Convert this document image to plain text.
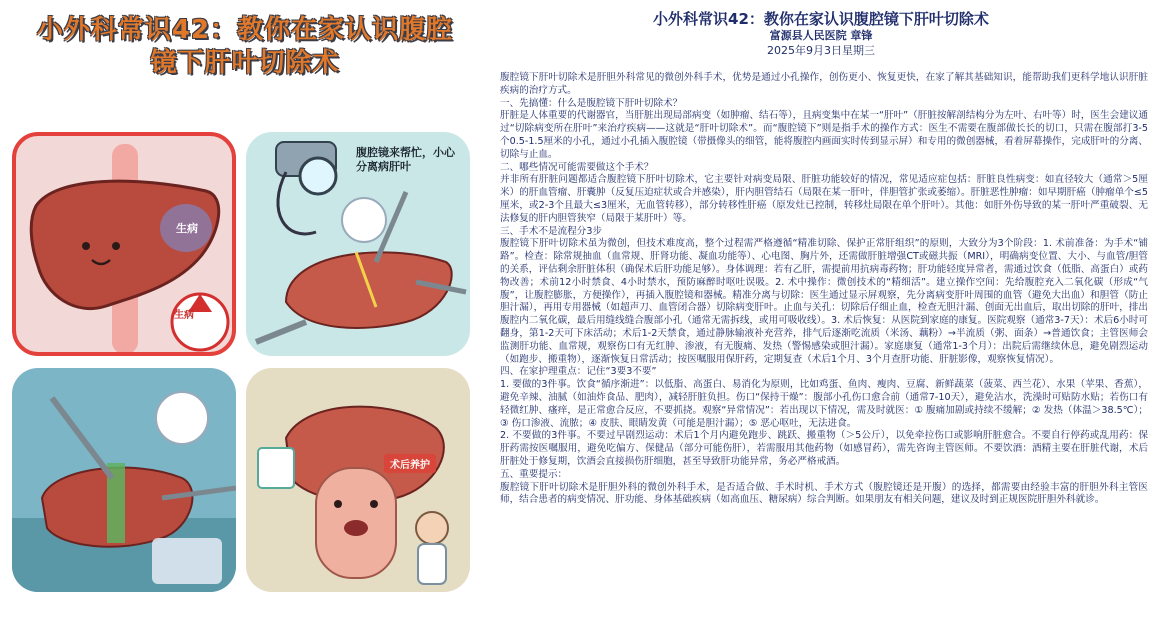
小外科常识42：教你在家认识腹腔
镜下肝叶切除术
生病
生病
腹腔镜来帮忙，小心分离病肝叶
术后养护
小外科常识42：教你在家认识腹腔镜下肝叶切除术
富源县人民医院 章锋
2025年9月3日星期三

腹腔镜下肝叶切除术是肝胆外科常见的微创外科手术，优势是通过小孔操作，创伤更小、恢复更快，在家了解其基础知识，能帮助我们更科学地认识肝脏疾病的治疗方式。

一、先搞懂：什么是腹腔镜下肝叶切除术？

肝脏是人体重要的代谢器官，当肝脏出现局部病变（如肿瘤、结石等），且病变集中在某一“肝叶”（肝脏按解剖结构分为左叶、右叶等）时，医生会建议通过“切除病变所在肝叶”来治疗疾病——这就是“肝叶切除术”。而“腹腔镜下”则是指手术的操作方式：医生不需要在腹部做长长的切口，只需在腹部打3-5个0.5-1.5厘米的小孔，通过小孔插入腹腔镜（带摄像头的细管，能将腹腔内画面实时传到显示屏）和专用的微创器械，看着屏幕操作，完成肝叶的分离、切除与止血。

二、哪些情况可能需要做这个手术？

并非所有肝脏问题都适合腹腔镜下肝叶切除术，它主要针对病变局限、肝脏功能较好的情况，常见适应症包括：肝脏良性病变：如直径较大（通常＞5厘米）的肝血管瘤、肝囊肿（反复压迫症状或合并感染），肝内胆管结石（局限在某一肝叶，伴胆管扩张或萎缩）。肝脏恶性肿瘤：如早期肝癌（肿瘤单个≤5厘米，或2-3个且最大≤3厘米，无血管转移），部分转移性肝癌（原发灶已控制，转移灶局限在单个肝叶）。其他：如肝外伤导致的某一肝叶严重破裂、无法修复的肝内胆管狭窄（局限于某肝叶）等。

三、手术不是流程分3步

腹腔镜下肝叶切除术虽为微创，但技术难度高，整个过程需严格遵循“精准切除、保护正常肝组织”的原则，大致分为3个阶段：1. 术前准备：为手术“铺路”。检查：除常规抽血（血常规、肝肾功能、凝血功能等）、心电图、胸片外，还需做肝脏增强CT或磁共振（MRI），明确病变位置、大小、与血管/胆管的关系，评估剩余肝脏体积（确保术后肝功能足够）。身体调理：若有乙肝，需提前用抗病毒药物；肝功能轻度异常者，需通过饮食（低脂、高蛋白）或药物改善；术前12小时禁食、4小时禁水，预防麻醉时呕吐误吸。2. 术中操作：微创技术的“精细活”。建立操作空间：先给腹腔充入二氧化碳（形成“气腹”，让腹腔膨胀，方便操作），再插入腹腔镜和器械。精准分离与切除：医生通过显示屏观察，先分离病变肝叶周围的血管（避免大出血）和胆管（防止胆汁漏），再用专用器械（如超声刀、血管闭合器）切除病变肝叶。止血与关孔：切除后仔细止血，检查无胆汁漏、创面无出血后，取出切除的肝叶，排出腹腔内二氧化碳，最后用缝线缝合腹部小孔（通常无需拆线，或用可吸收线）。3. 术后恢复：从医院到家庭的康复。医院观察（通常3-7天）：术后6小时可翻身，第1-2天可下床活动；术后1-2天禁食，通过静脉输液补充营养，排气后逐渐吃流质（米汤、藕粉）→半流质（粥、面条）→普通饮食；主管医师会监测肝功能、血常规，观察伤口有无红肿、渗液，有无腹痛、发热（警惕感染或胆汁漏）。家庭康复（通常1-3个月）：出院后需继续休息，避免剧烈运动（如跑步、搬重物），逐渐恢复日常活动；按医嘱服用保肝药，定期复查（术后1个月、3个月查肝功能、肝脏影像，观察恢复情况）。

四、在家护理重点：记住“3要3不要”

1. 要做的3件事。饮食“循序渐进”：以低脂、高蛋白、易消化为原则，比如鸡蛋、鱼肉、瘦肉、豆腐、新鲜蔬菜（菠菜、西兰花）、水果（苹果、香蕉），避免辛辣、油腻（如油炸食品、肥肉），减轻肝脏负担。伤口“保持干燥”：腹部小孔伤口愈合前（通常7-10天），避免沾水，洗澡时可贴防水贴；若伤口有轻微红肿、瘙痒，是正常愈合反应，不要抓挠。观察“异常情况”：若出现以下情况，需及时就医：① 腹痛加剧或持续不缓解；② 发热（体温＞38.5℃）；③ 伤口渗液、流脓；④ 皮肤、眼睛发黄（可能是胆汁漏）；⑤ 恶心呕吐，无法进食。

2. 不要做的3件事。不要过早剧烈运动：术后1个月内避免跑步、跳跃、搬重物（＞5公斤），以免牵拉伤口或影响肝脏愈合。不要自行停药或乱用药：保肝药需按医嘱服用，避免吃偏方、保健品（部分可能伤肝），若需服用其他药物（如感冒药），需先咨询主管医师。不要饮酒：酒精主要在肝脏代谢，术后肝脏处于修复期，饮酒会直接损伤肝细胞，甚至导致肝功能异常，务必严格戒酒。

五、重要提示：

腹腔镜下肝叶切除术是肝胆外科的微创外科手术，是否适合做、手术时机、手术方式（腹腔镜还是开腹）的选择，都需要由经验丰富的肝胆外科主管医师，结合患者的病变情况、肝功能、身体基础疾病（如高血压、糖尿病）综合判断。如果朋友有相关问题，建议及时到正规医院肝胆外科就诊。
